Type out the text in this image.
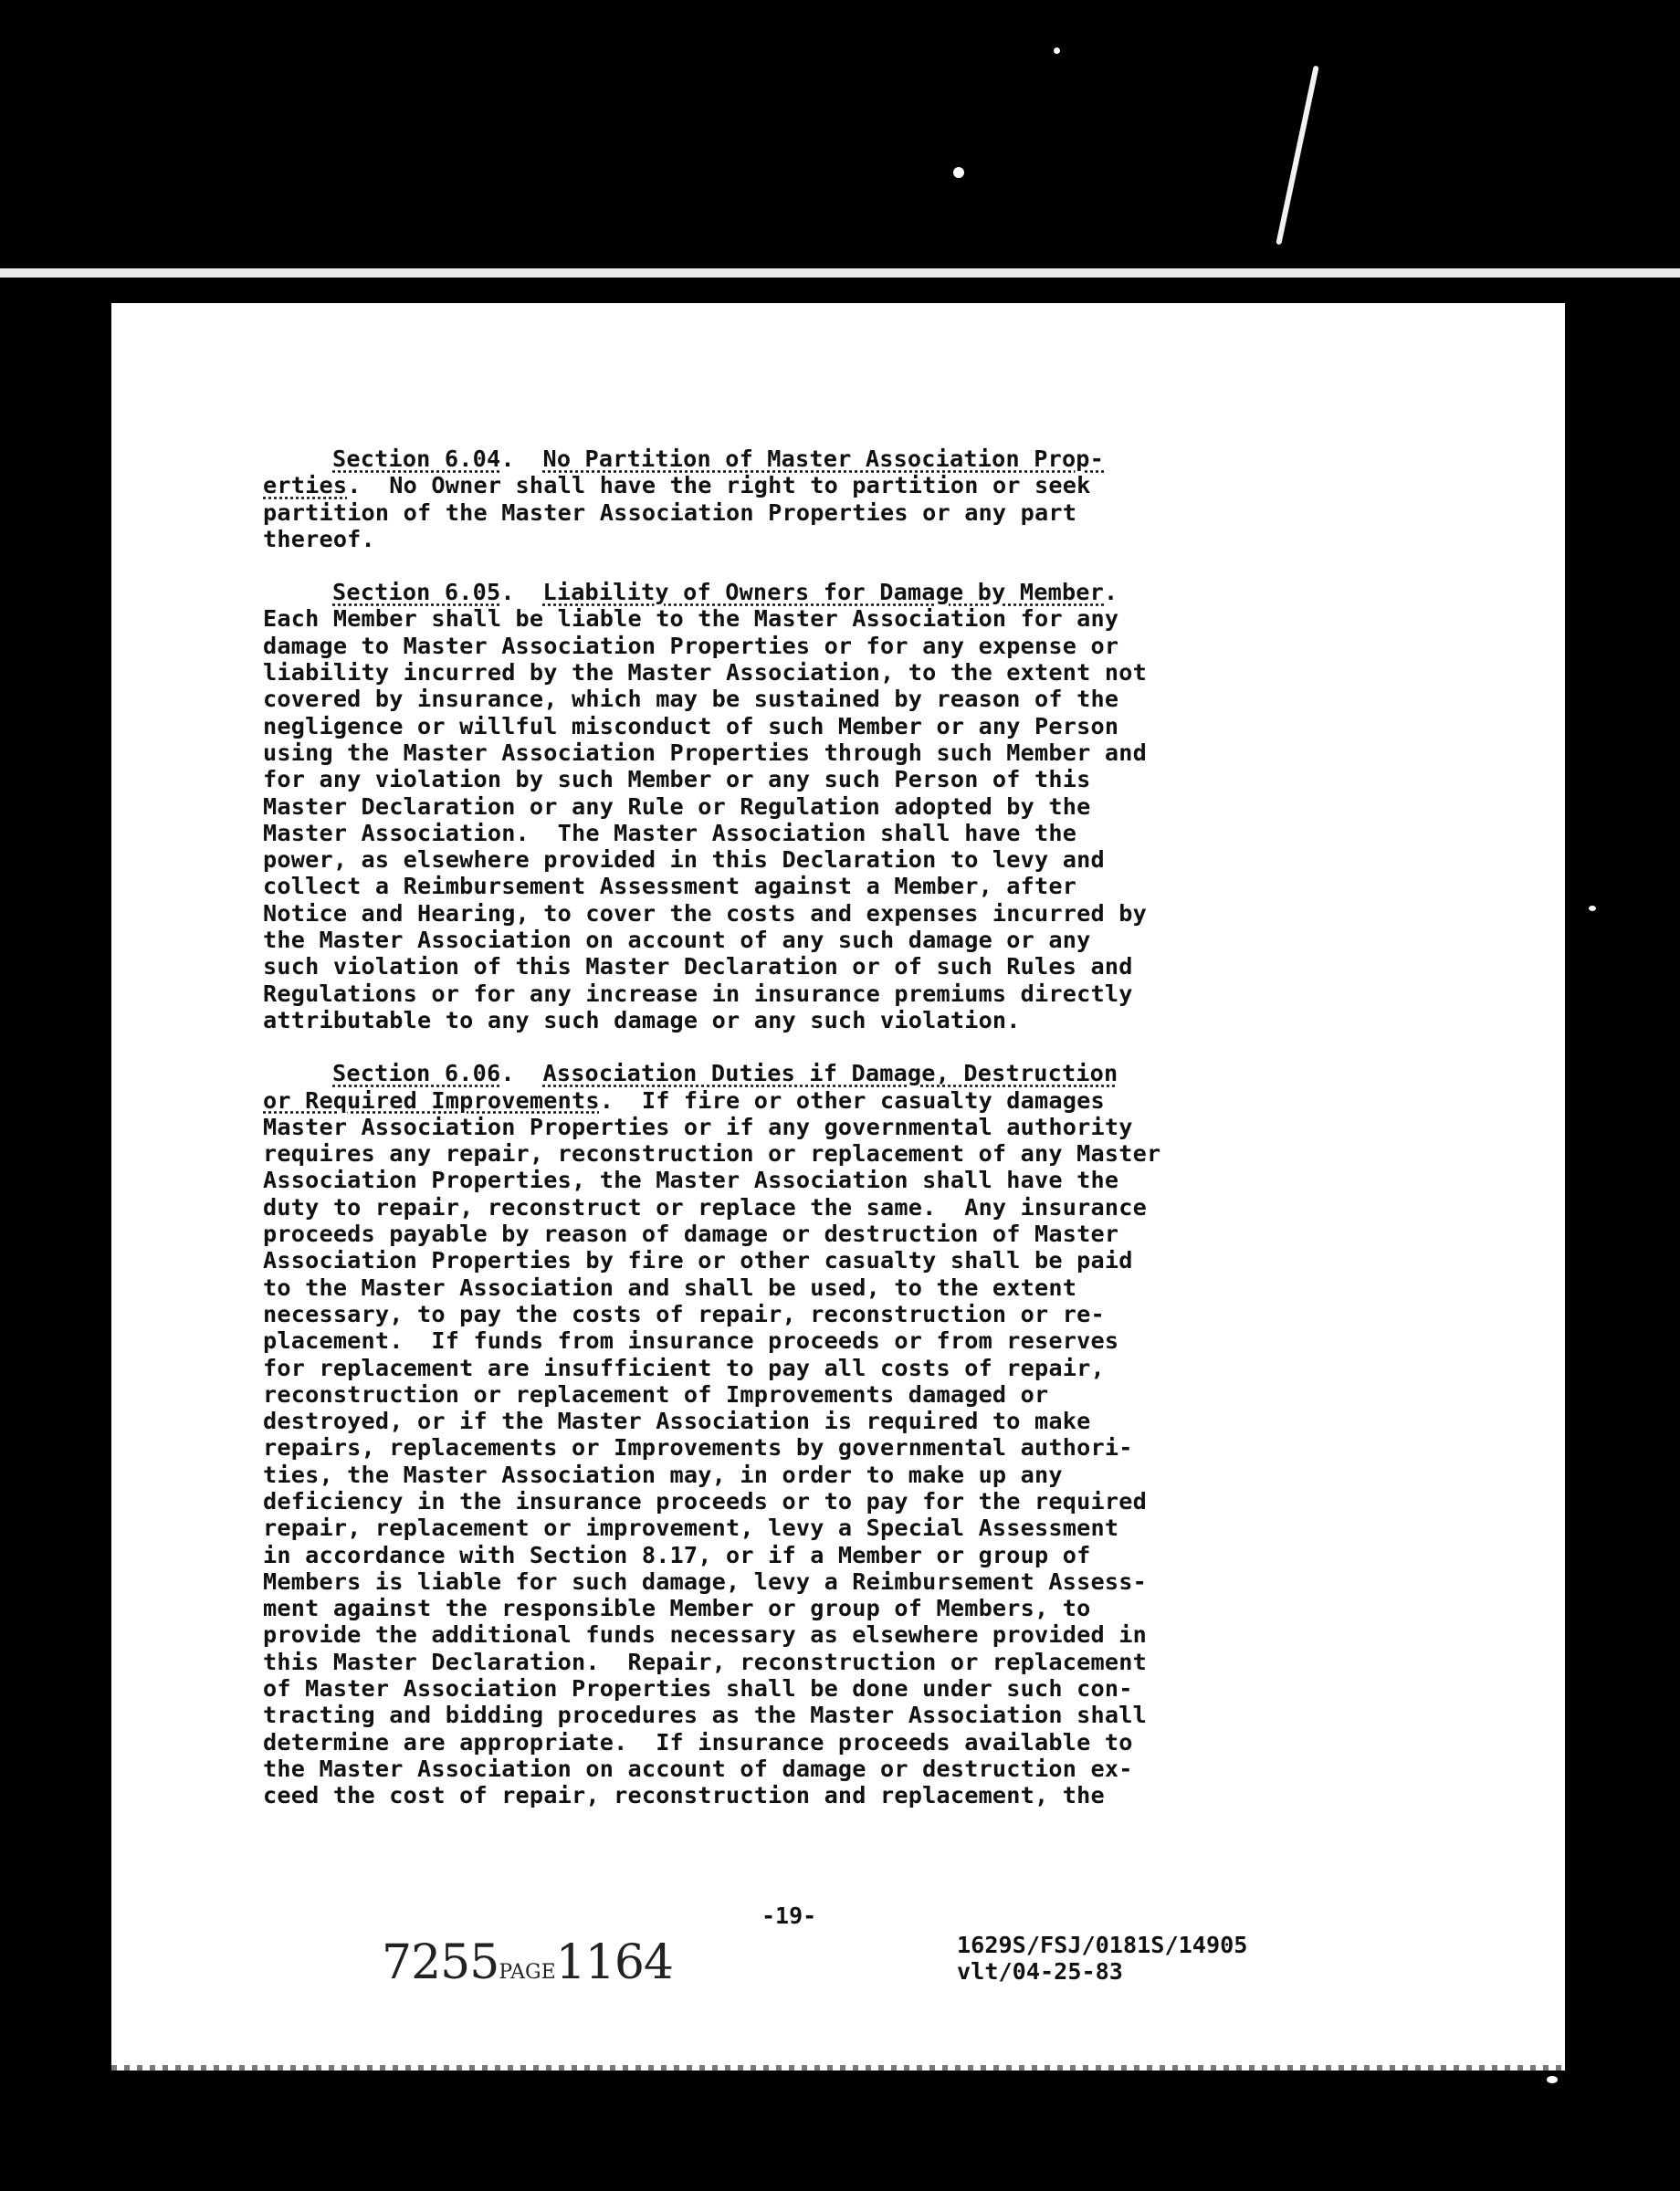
Section 6.04.  No Partition of Master Association Prop-
erties.  No Owner shall have the right to partition or seek
partition of the Master Association Properties or any part
thereof.
Section 6.05.  Liability of Owners for Damage by Member.
Each Member shall be liable to the Master Association for any
damage to Master Association Properties or for any expense or
liability incurred by the Master Association, to the extent not
covered by insurance, which may be sustained by reason of the
negligence or willful misconduct of such Member or any Person
using the Master Association Properties through such Member and
for any violation by such Member or any such Person of this
Master Declaration or any Rule or Regulation adopted by the
Master Association.  The Master Association shall have the
power, as elsewhere provided in this Declaration to levy and
collect a Reimbursement Assessment against a Member, after
Notice and Hearing, to cover the costs and expenses incurred by
the Master Association on account of any such damage or any
such violation of this Master Declaration or of such Rules and
Regulations or for any increase in insurance premiums directly
attributable to any such damage or any such violation.
Section 6.06.  Association Duties if Damage, Destruction
or Required Improvements.  If fire or other casualty damages
Master Association Properties or if any governmental authority
requires any repair, reconstruction or replacement of any Master
Association Properties, the Master Association shall have the
duty to repair, reconstruct or replace the same.  Any insurance
proceeds payable by reason of damage or destruction of Master
Association Properties by fire or other casualty shall be paid
to the Master Association and shall be used, to the extent
necessary, to pay the costs of repair, reconstruction or re-
placement.  If funds from insurance proceeds or from reserves
for replacement are insufficient to pay all costs of repair,
reconstruction or replacement of Improvements damaged or
destroyed, or if the Master Association is required to make
repairs, replacements or Improvements by governmental authori-
ties, the Master Association may, in order to make up any
deficiency in the insurance proceeds or to pay for the required
repair, replacement or improvement, levy a Special Assessment
in accordance with Section 8.17, or if a Member or group of
Members is liable for such damage, levy a Reimbursement Assess-
ment against the responsible Member or group of Members, to
provide the additional funds necessary as elsewhere provided in
this Master Declaration.  Repair, reconstruction or replacement
of Master Association Properties shall be done under such con-
tracting and bidding procedures as the Master Association shall
determine are appropriate.  If insurance proceeds available to
the Master Association on account of damage or destruction ex-
ceed the cost of repair, reconstruction and replacement, the
-19-
7255PAGE1164	1629S/FSJ/0181S/14905
vlt/04-25-83
